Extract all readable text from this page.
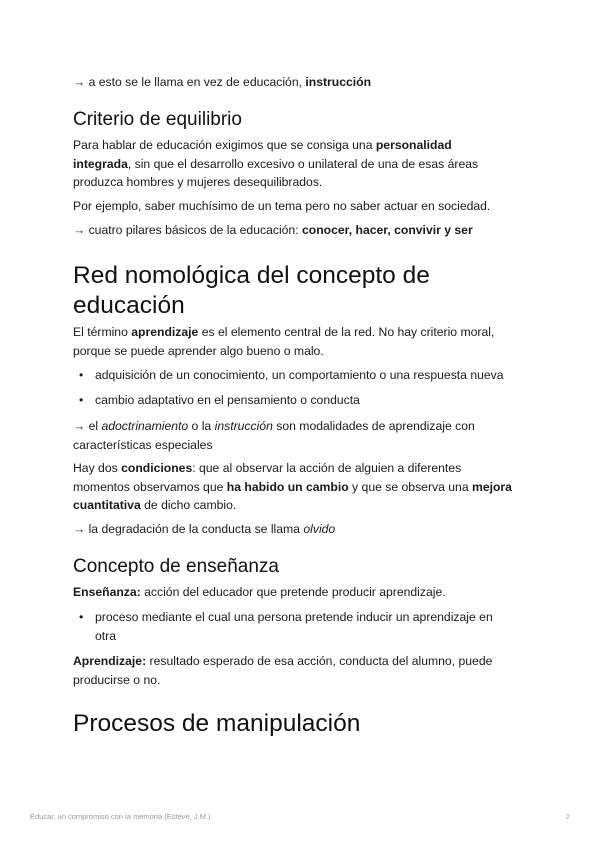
→ a esto se le llama en vez de educación, instrucción

Criterio de equilibrio

Para hablar de educación exigimos que se consiga una personalidad
integrada, sin que el desarrollo excesivo o unilateral de una de esas áreas
produzca hombres y mujeres desequilibrados.

Por ejemplo, saber muchísimo de un tema pero no saber actuar en sociedad.

→ cuatro pilares básicos de la educación: conocer, hacer, convivir y ser

Red nomológica del concepto de
educación

El término aprendizaje es el elemento central de la red. No hay criterio moral,
porque se puede aprender algo bueno o malo.

• adquisición de un conocimiento, un comportamiento o una respuesta nueva
• cambio adaptativo en el pensamiento o conducta

→ el adoctrinamiento o la instrucción son modalidades de aprendizaje con
características especiales

Hay dos condiciones: que al observar la acción de alguien a diferentes
momentos observamos que ha habido un cambio y que se observa una mejora
cuantitativa de dicho cambio.

→ la degradación de la conducta se llama olvido

Concepto de enseñanza

Enseñanza: acción del educador que pretende producir aprendizaje.

• proceso mediante el cual una persona pretende inducir un aprendizaje en
otra

Aprendizaje: resultado esperado de esa acción, conducta del alumno, puede
producirse o no.

Procesos de manipulación
Educar, un compromiso con la memoria (Esteve, J.M.)	2
